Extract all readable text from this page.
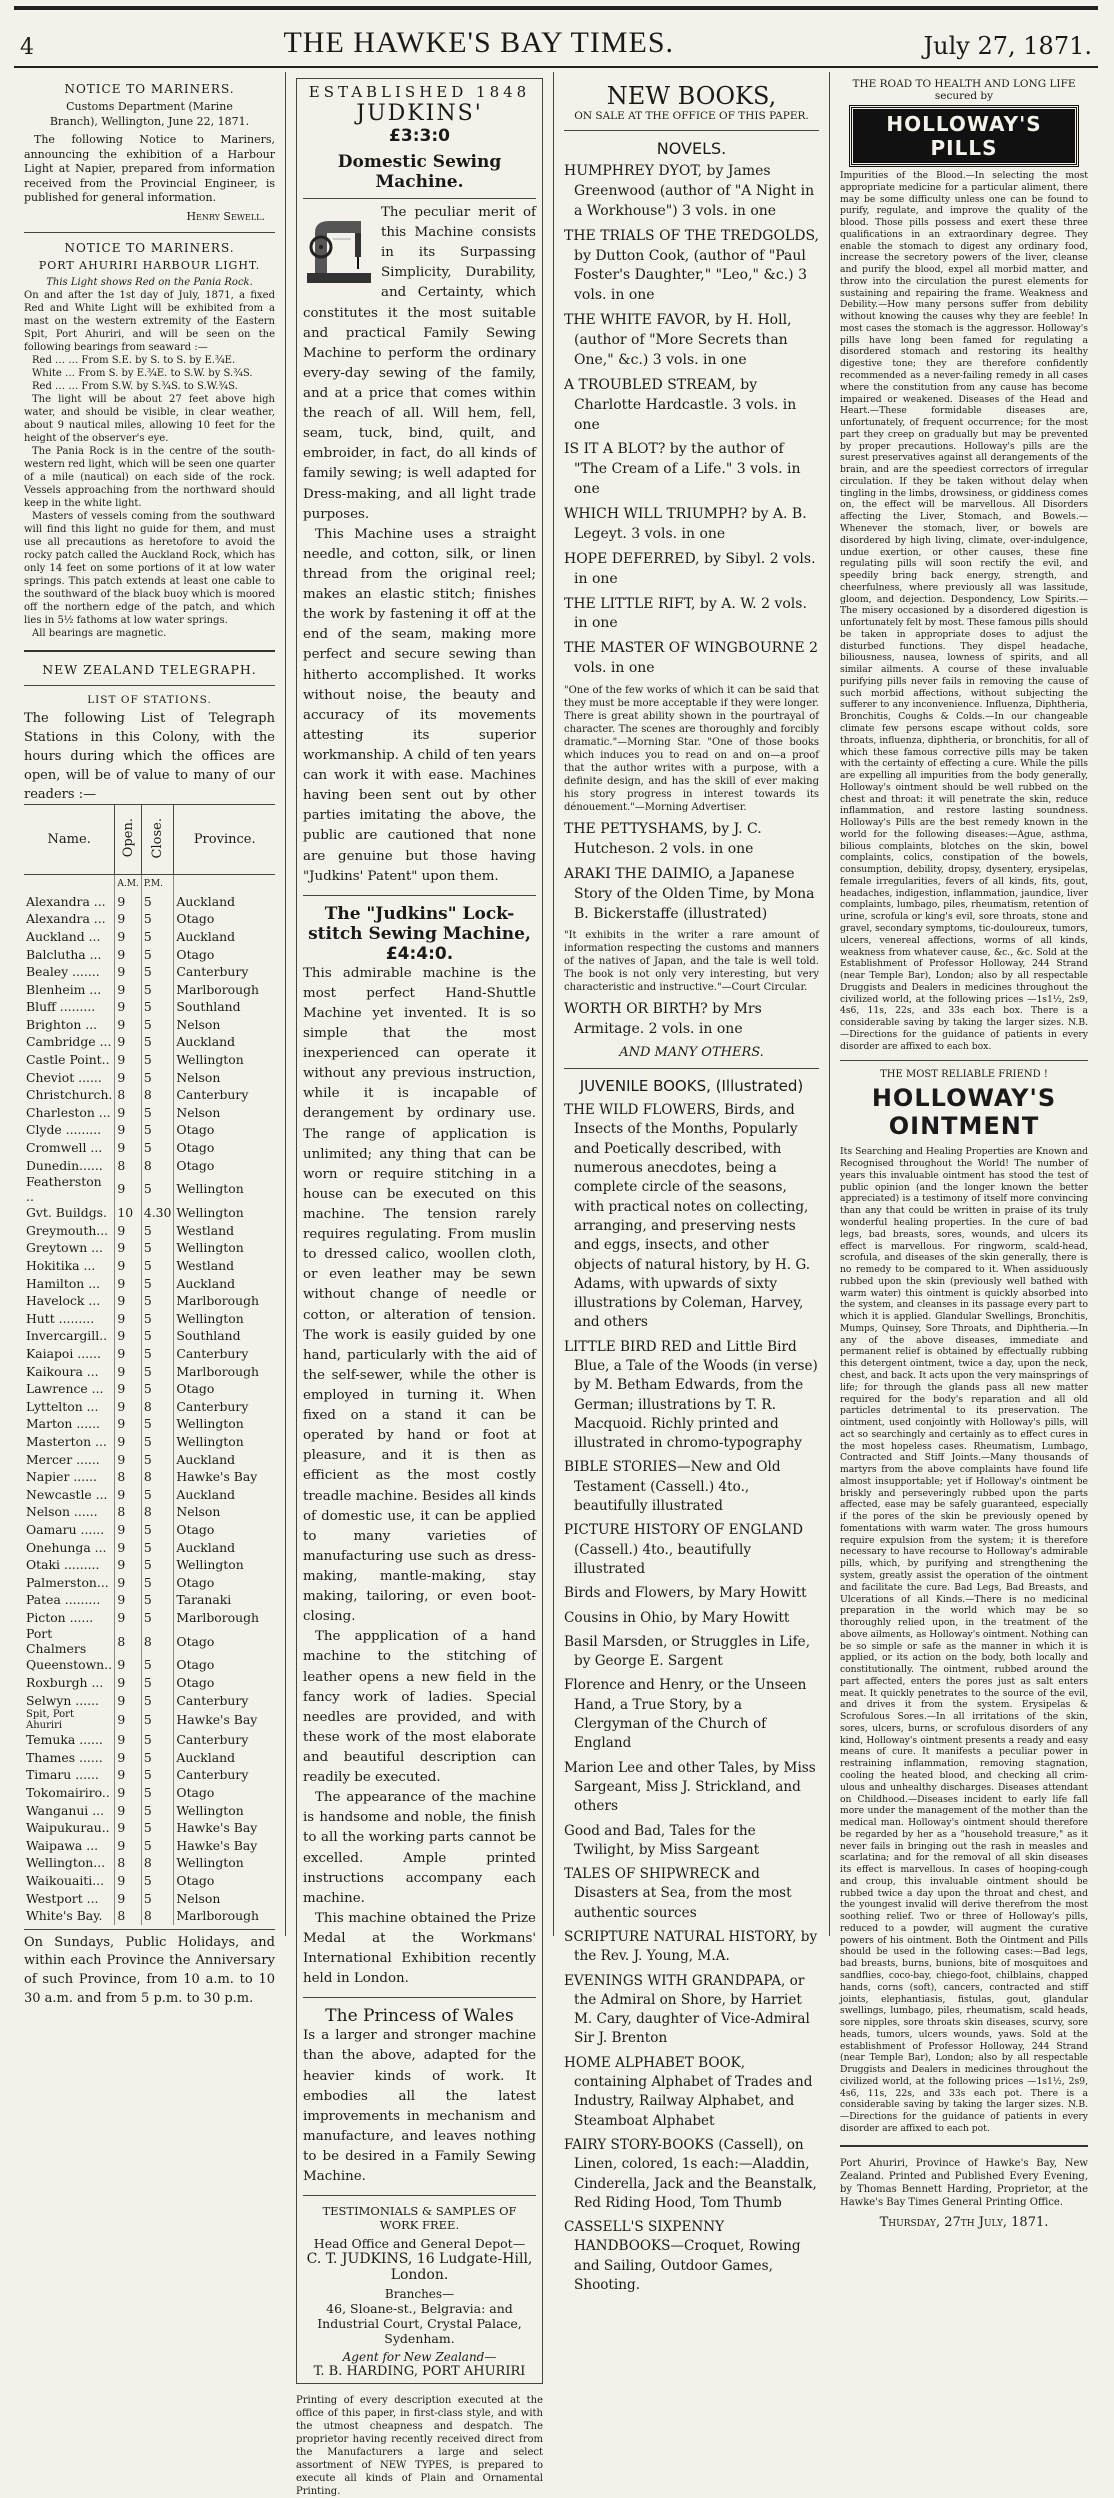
4	THE HAWKE'S BAY TIMES.	July 27, 1871.
NOTICE TO MARINERS.
Customs Department (Marine Branch), Wellington, June 22, 1871.
The following Notice to Mariners, announcing the exhibition of a Harbour Light at Napier, prepared from information received from the Provincial Engineer, is published for general information.
Henry Sewell.
NOTICE TO MARINERS.
PORT AHURIRI HARBOUR LIGHT.
This Light shows Red on the Pania Rock.
On and after the 1st day of July, 1871, a fixed Red and White Light will be exhibited from a mast on the western extremity of the Eastern Spit, Port Ahuriri, and will be seen on the following bearings from seaward :—
Red … … From S.E. by S. to S. by E.¾E.
White … From S. by E.¾E. to S.W. by S.¾S.
Red … … From S.W. by S.¾S. to S.W.¾S.
The light will be about 27 feet above high water, and should be visible, in clear weather, about 9 nautical miles, allowing 10 feet for the height of the observer's eye.
The Pania Rock is in the centre of the south-western red light, which will be seen one quarter of a mile (nautical) on each side of the rock. Vessels approaching from the northward should keep in the white light.
Masters of vessels coming from the southward will find this light no guide for them, and must use all precautions as heretofore to avoid the rocky patch called the Auckland Rock, which has only 14 feet on some portions of it at low water springs. This patch extends at least one cable to the southward of the black buoy which is moored off the northern edge of the patch, and which lies in 5½ fathoms at low water springs.
All bearings are magnetic.
NEW ZEALAND TELEGRAPH.
LIST OF STATIONS.
The following List of Telegraph Stations in this Colony, with the hours during which the offices are open, will be of value to many of our readers :—
Name.	Open.	Close.	Province.
	A.M.	P.M.	
Alexandra ...	9	5	Auckland
Alexandra ...	9	5	Otago
Auckland ...	9	5	Auckland
Balclutha ...	9	5	Otago
Bealey .......	9	5	Canterbury
Blenheim ...	9	5	Marlborough
Bluff .........	9	5	Southland
Brighton ...	9	5	Nelson
Cambridge ...	9	5	Auckland
Castle Point..	9	5	Wellington
Cheviot ......	9	5	Nelson
Christchurch.	8	8	Canterbury
Charleston ...	9	5	Nelson
Clyde .........	9	5	Otago
Cromwell ...	9	5	Otago
Dunedin......	8	8	Otago
Featherston ..	9	5	Wellington
Gvt. Buildgs.	10	4.30	Wellington
Greymouth...	9	5	Westland
Greytown ...	9	5	Wellington
Hokitika ...	9	5	Westland
Hamilton ...	9	5	Auckland
Havelock ...	9	5	Marlborough
Hutt .........	9	5	Wellington
Invercargill..	9	5	Southland
Kaiapoi ......	9	5	Canterbury
Kaikoura ...	9	5	Marlborough
Lawrence ...	9	5	Otago
Lyttelton ...	9	8	Canterbury
Marton ......	9	5	Wellington
Masterton ...	9	5	Wellington
Mercer ......	9	5	Auckland
Napier ......	8	8	Hawke's Bay
Newcastle ...	9	5	Auckland
Nelson ......	8	8	Nelson
Oamaru ......	9	5	Otago
Onehunga ...	9	5	Auckland
Otaki .........	9	5	Wellington
Palmerston...	9	5	Otago
Patea .........	9	5	Taranaki
Picton ......	9	5	Marlborough
Port Chalmers	8	8	Otago
Queenstown..	9	5	Otago
Roxburgh ...	9	5	Otago
Selwyn ......	9	5	Canterbury
Spit, Port Ahuriri	9	5	Hawke's Bay
Temuka ......	9	5	Canterbury
Thames ......	9	5	Auckland
Timaru ......	9	5	Canterbury
Tokomairiro..	9	5	Otago
Wanganui ...	9	5	Wellington
Waipukurau..	9	5	Hawke's Bay
Waipawa ...	9	5	Hawke's Bay
Wellington...	8	8	Wellington
Waikouaiti...	9	5	Otago
Westport ...	9	5	Nelson
White's Bay.	8	8	Marlborough
On Sundays, Public Holidays, and within each Province the Anniversary of such Province, from 10 a.m. to 10 30 a.m. and from 5 p.m. to 30 p.m.
ESTABLISHED 1848
JUDKINS'
£3:3:0
Domestic Sewing Machine.
The peculiar merit of this Machine consists in its Surpassing Simplicity, Durability, and Certainty, which constitutes it the most suitable and practical Family Sewing Machine to perform the ordinary every-day sewing of the family, and at a price that comes within the reach of all. Will hem, fell, seam, tuck, bind, quilt, and embroider, in fact, do all kinds of family sewing; is well adapted for Dress-making, and all light trade purposes.
This Machine uses a straight needle, and cotton, silk, or linen thread from the original reel; makes an elastic stitch; finishes the work by fastening it off at the end of the seam, making more perfect and secure sewing than hitherto accomplished. It works without noise, the beauty and accuracy of its movements attesting its superior workmanship. A child of ten years can work it with ease. Machines having been sent out by other parties imitating the above, the public are cautioned that none are genuine but those having "Judkins' Patent" upon them.
The "Judkins" Lock-stitch Sewing Machine,
£4:4:0.
This admirable machine is the most perfect Hand-Shuttle Machine yet invented. It is so simple that the most inexperienced can operate it without any previous instruction, while it is incapable of derangement by ordinary use. The range of application is unlimited; any thing that can be worn or require stitching in a house can be executed on this machine. The tension rarely requires regulating. From muslin to dressed calico, woollen cloth, or even leather may be sewn without change of needle or cotton, or alteration of tension. The work is easily guided by one hand, particularly with the aid of the self-sewer, while the other is employed in turning it. When fixed on a stand it can be operated by hand or foot at pleasure, and it is then as efficient as the most costly treadle machine. Besides all kinds of domestic use, it can be applied to many varieties of manufacturing use such as dress-making, mantle-making, stay making, tailoring, or even boot-closing.
The appplication of a hand machine to the stitching of leather opens a new field in the fancy work of ladies. Special needles are provided, and with these work of the most elaborate and beautiful description can readily be executed.
The appearance of the machine is handsome and noble, the finish to all the working parts cannot be excelled. Ample printed instructions accompany each machine.
This machine obtained the Prize Medal at the Workmans' International Exhibition recently held in London.
The Princess of Wales
Is a larger and stronger machine than the above, adapted for the heavier kinds of work. It embodies all the latest improvements in mechanism and manufacture, and leaves nothing to be desired in a Family Sewing Machine.
TESTIMONIALS & SAMPLES OF WORK FREE.
Head Office and General Depot—
C. T. JUDKINS, 16 Ludgate-Hill, London.
Branches—
46, Sloane-st., Belgravia: and Industrial Court, Crystal Palace, Sydenham.
Agent for New Zealand—
T. B. HARDING, PORT AHURIRI
Printing of every description executed at the office of this paper, in first-class style, and with the utmost cheapness and despatch. The proprietor having recently received direct from the Manufacturers a large and select assortment of NEW TYPES, is prepared to execute all kinds of Plain and Ornamental Printing.
NEW BOOKS,
ON SALE AT THE OFFICE OF THIS PAPER.
NOVELS.
HUMPHREY DYOT, by James Greenwood (author of "A Night in a Workhouse") 3 vols. in one
THE TRIALS OF THE TREDGOLDS, by Dutton Cook, (author of "Paul Foster's Daughter," "Leo," &c.) 3 vols. in one
THE WHITE FAVOR, by H. Holl, (author of "More Secrets than One," &c.) 3 vols. in one
A TROUBLED STREAM, by Charlotte Hardcastle. 3 vols. in one
IS IT A BLOT? by the author of "The Cream of a Life." 3 vols. in one
WHICH WILL TRIUMPH? by A. B. Legeyt. 3 vols. in one
HOPE DEFERRED, by Sibyl. 2 vols. in one
THE LITTLE RIFT, by A. W. 2 vols. in one
THE MASTER OF WINGBOURNE 2 vols. in one
"One of the few works of which it can be said that they must be more acceptable if they were longer. There is great ability shown in the pourtrayal of character. The scenes are thoroughly and forcibly dramatic."—Morning Star. "One of those books which induces you to read on and on—a proof that the author writes with a purpose, with a definite design, and has the skill of ever making his story progress in interest towards its dénouement."—Morning Advertiser.
THE PETTYSHAMS, by J. C. Hutcheson. 2 vols. in one
ARAKI THE DAIMIO, a Japanese Story of the Olden Time, by Mona B. Bickerstaffe (illustrated)
"It exhibits in the writer a rare amount of information respecting the customs and manners of the natives of Japan, and the tale is well told. The book is not only very interesting, but very characteristic and instructive."—Court Circular.
WORTH OR BIRTH? by Mrs Armitage. 2 vols. in one
AND MANY OTHERS.
JUVENILE BOOKS, (Illustrated)
THE WILD FLOWERS, Birds, and Insects of the Months, Popularly and Poetically described, with numerous anecdotes, being a complete circle of the seasons, with practical notes on collecting, arranging, and preserving nests and eggs, insects, and other objects of natural history, by H. G. Adams, with upwards of sixty illustrations by Coleman, Harvey, and others
LITTLE BIRD RED and Little Bird Blue, a Tale of the Woods (in verse) by M. Betham Edwards, from the German; illustrations by T. R. Macquoid. Richly printed and illustrated in chromo-typography
BIBLE STORIES—New and Old Testament (Cassell.) 4to., beautifully illustrated
PICTURE HISTORY OF ENGLAND (Cassell.) 4to., beautifully illustrated
Birds and Flowers, by Mary Howitt
Cousins in Ohio, by Mary Howitt
Basil Marsden, or Struggles in Life, by George E. Sargent
Florence and Henry, or the Unseen Hand, a True Story, by a Clergyman of the Church of England
Marion Lee and other Tales, by Miss Sargeant, Miss J. Strickland, and others
Good and Bad, Tales for the Twilight, by Miss Sargeant
TALES OF SHIPWRECK and Disasters at Sea, from the most authentic sources
SCRIPTURE NATURAL HISTORY, by the Rev. J. Young, M.A.
EVENINGS WITH GRANDPAPA, or the Admiral on Shore, by Harriet M. Cary, daughter of Vice-Admiral Sir J. Brenton
HOME ALPHABET BOOK, containing Alphabet of Trades and Industry, Railway Alphabet, and Steamboat Alphabet
FAIRY STORY-BOOKS (Cassell), on Linen, colored, 1s each:—Aladdin, Cinderella, Jack and the Beanstalk, Red Riding Hood, Tom Thumb
CASSELL'S SIXPENNY HANDBOOKS—Croquet, Rowing and Sailing, Outdoor Games, Shooting.
THE ROAD TO HEALTH AND LONG LIFE secured by
HOLLOWAY'S PILLS
Impurities of the Blood.—In selecting the most appropriate medicine for a particular aliment, there may be some difficulty unless one can be found to purify, regulate, and improve the quality of the blood. Those pills possess and exert these three qualifications in an extraordinary degree. They enable the stomach to digest any ordinary food, increase the secretory powers of the liver, cleanse and purify the blood, expel all morbid matter, and throw into the circulation the purest elements for sustaining and repairing the frame. Weakness and Debility.—How many persons suffer from debility without knowing the causes why they are feeble! In most cases the stomach is the aggressor. Holloway's pills have long been famed for regulating a disordered stomach and restoring its healthy digestive tone; they are therefore confidently recommended as a never-failing remedy in all cases where the constitution from any cause has become impaired or weakened. Diseases of the Head and Heart.—These formidable diseases are, unfortunately, of frequent occurrence; for the most part they creep on gradually but may be prevented by proper precautions. Holloway's pills are the surest preservatives against all derangements of the brain, and are the speediest correctors of irregular circulation. If they be taken without delay when tingling in the limbs, drowsiness, or giddiness comes on, the effect will be marvellous. All Disorders affecting the Liver, Stomach, and Bowels.—Whenever the stomach, liver, or bowels are disordered by high living, climate, over-indulgence, undue exertion, or other causes, these fine regulating pills will soon rectify the evil, and speedily bring back energy, strength, and cheerfulness, where previously all was lassitude, gloom, and dejection. Despondency, Low Spirits.—The misery occasioned by a disordered digestion is unfortunately felt by most. These famous pills should be taken in appropriate doses to adjust the disturbed functions. They dispel headache, biliousness, nausea, lowness of spirits, and all similar ailments. A course of these invaluable purifying pills never fails in removing the cause of such morbid affections, without subjecting the sufferer to any inconvenience. Influenza, Diphtheria, Bronchitis, Coughs & Colds.—In our changeable climate few persons escape without colds, sore throats, influenza, diphtheria, or bronchitis, for all of which these famous corrective pills may be taken with the certainty of effecting a cure. While the pills are expelling all impurities from the body generally, Holloway's ointment should be well rubbed on the chest and throat: it will penetrate the skin, reduce inflammation, and restore lasting soundness. Holloway's Pills are the best remedy known in the world for the following diseases:—Ague, asthma, bilious complaints, blotches on the skin, bowel complaints, colics, constipation of the bowels, consumption, debility, dropsy, dysentery, erysipelas, female irregularities, fevers of all kinds, fits, gout, headaches, indigestion, inflammation, jaundice, liver complaints, lumbago, piles, rheumatism, retention of urine, scrofula or king's evil, sore throats, stone and gravel, secondary symptoms, tic-douloureux, tumors, ulcers, venereal affections, worms of all kinds, weakness from whatever cause, &c., &c. Sold at the Establishment of Professor Holloway, 244 Strand (near Temple Bar), London; also by all respectable Druggists and Dealers in medicines throughout the civilized world, at the following prices —1s1½, 2s9, 4s6, 11s, 22s, and 33s each box. There is a considerable saving by taking the larger sizes. N.B.—Directions for the guidance of patients in every disorder are affixed to each box.
THE MOST RELIABLE FRIEND !
HOLLOWAY'S OINTMENT
Its Searching and Healing Properties are Known and Recognised throughout the World! The number of years this invaluable ointment has stood the test of public opinion (and the longer known the better appreciated) is a testimony of itself more convincing than any that could be written in praise of its truly wonderful healing properties. In the cure of bad legs, bad breasts, sores, wounds, and ulcers its effect is marvellous. For ringworm, scald-head, scrofula, and diseases of the skin generally, there is no remedy to be compared to it. When assiduously rubbed upon the skin (previously well bathed with warm water) this ointment is quickly absorbed into the system, and cleanses in its passage every part to which it is applied. Glandular Swellings, Bronchitis, Mumps, Quinsey, Sore Throats, and Diphtheria.—In any of the above diseases, immediate and permanent relief is obtained by effectually rubbing this detergent ointment, twice a day, upon the neck, chest, and back. It acts upon the very mainsprings of life; for through the glands pass all new matter required for the body's reparation and all old particles detrimental to its preservation. The ointment, used conjointly with Holloway's pills, will act so searchingly and certainly as to effect cures in the most hopeless cases. Rheumatism, Lumbago, Contracted and Stiff Joints.—Many thousands of martyrs from the above complaints have found life almost insupportable; yet if Holloway's ointment be briskly and perseveringly rubbed upon the parts affected, ease may be safely guaranteed, especially if the pores of the skin be previously opened by fomentations with warm water. The gross humours require expulsion from the system; it is therefore necessary to have recourse to Holloway's admirable pills, which, by purifying and strengthening the system, greatly assist the operation of the ointment and facilitate the cure. Bad Legs, Bad Breasts, and Ulcerations of all Kinds.—There is no medicinal preparation in the world which may be so thoroughly relied upon, in the treatment of the above ailments, as Holloway's ointment. Nothing can be so simple or safe as the manner in which it is applied, or its action on the body, both locally and constitutionally. The ointment, rubbed around the part affected, enters the pores just as salt enters meat. It quickly penetrates to the source of the evil, and drives it from the system. Erysipelas & Scrofulous Sores.—In all irritations of the skin, sores, ulcers, burns, or scrofulous disorders of any kind, Holloway's ointment presents a ready and easy means of cure. It manifests a peculiar power in restraining inflammation, removing stagnation, cooling the heated blood, and checking all crim-ulous and unhealthy discharges. Diseases attendant on Childhood.—Diseases incident to early life fall more under the management of the mother than the medical man. Holloway's ointment should therefore be regarded by her as a "household treasure," as it never fails in bringing out the rash in measles and scarlatina; and for the removal of all skin diseases its effect is marvellous. In cases of hooping-cough and croup, this invaluable ointment should be rubbed twice a day upon the throat and chest, and the youngest invalid will derive therefrom the most soothing relief. Two or three of Holloway's pills, reduced to a powder, will augment the curative powers of his ointment. Both the Ointment and Pills should be used in the following cases:—Bad legs, bad breasts, burns, bunions, bite of mosquitoes and sandflies, coco-bay, chiego-foot, chilblains, chapped hands, corns (soft), cancers, contracted and stiff joints, elephantiasis, fistulas, gout, glandular swellings, lumbago, piles, rheumatism, scald heads, sore nipples, sore throats skin diseases, scurvy, sore heads, tumors, ulcers wounds, yaws. Sold at the establishment of Professor Holloway, 244 Strand (near Temple Bar), London; also by all respectable Druggists and Dealers in medicines throughout the civilized world, at the following prices —1s1½, 2s9, 4s6, 11s, 22s, and 33s each pot. There is a considerable saving by taking the larger sizes. N.B.—Directions for the guidance of patients in every disorder are affixed to each pot.
Port Ahuriri, Province of Hawke's Bay, New Zealand. Printed and Published Every Evening, by Thomas Bennett Harding, Proprietor, at the Hawke's Bay Times General Printing Office.
Thursday, 27th July, 1871.
